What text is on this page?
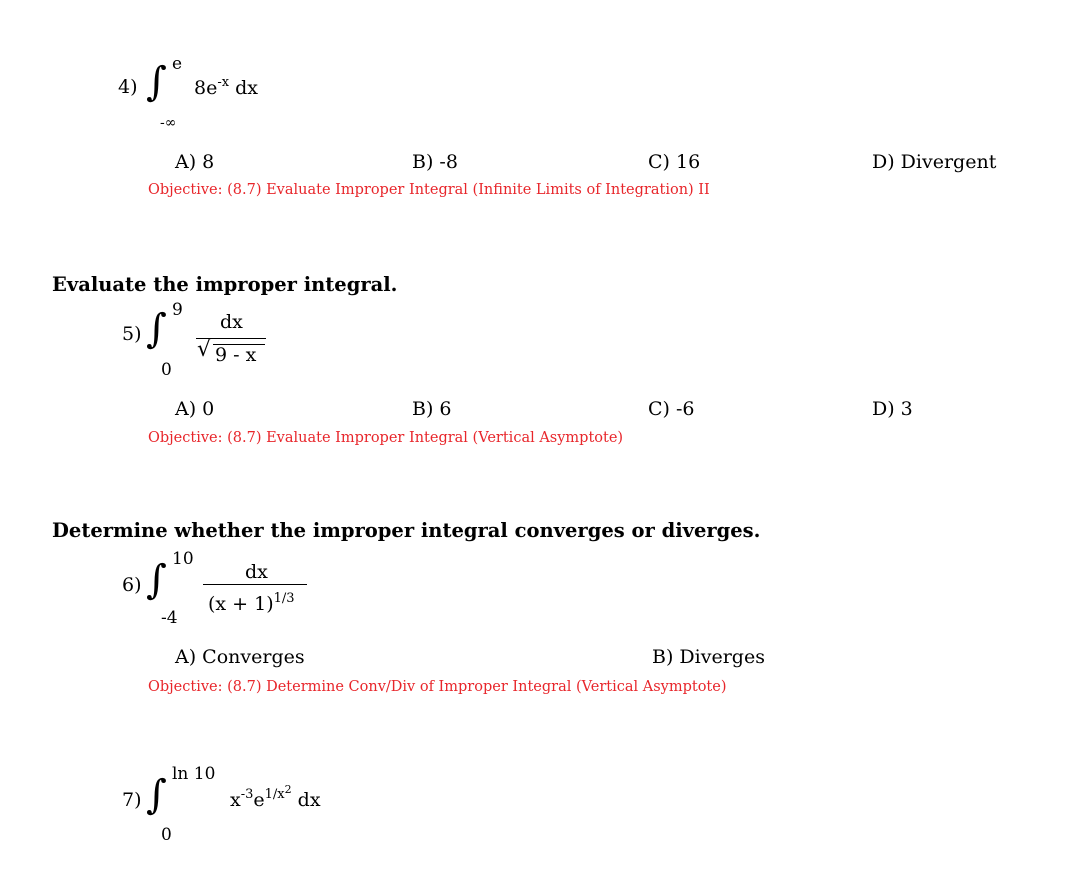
4) ∫ e
-∞
$8e^{-x}$ dx
A) 8	B) -8	C) 16	D) Divergent
Objective: (8.7) Evaluate Improper Integral (Infinite Limits of Integration) II
Evaluate the improper integral.
5) ∫ 9
0
dx
√ 9 - x
A) 0	B) 6	C) -6	D) 3
Objective: (8.7) Evaluate Improper Integral (Vertical Asymptote)
Determine whether the improper integral converges or diverges.
6) ∫ 10
-4
dx
$(x + 1)^{1/3}$
A) Converges	B) Diverges
Objective: (8.7) Determine Conv/Div of Improper Integral (Vertical Asymptote)
7) ∫ ln 10
0
$x^{-3}e^{1/x2}$ dx
